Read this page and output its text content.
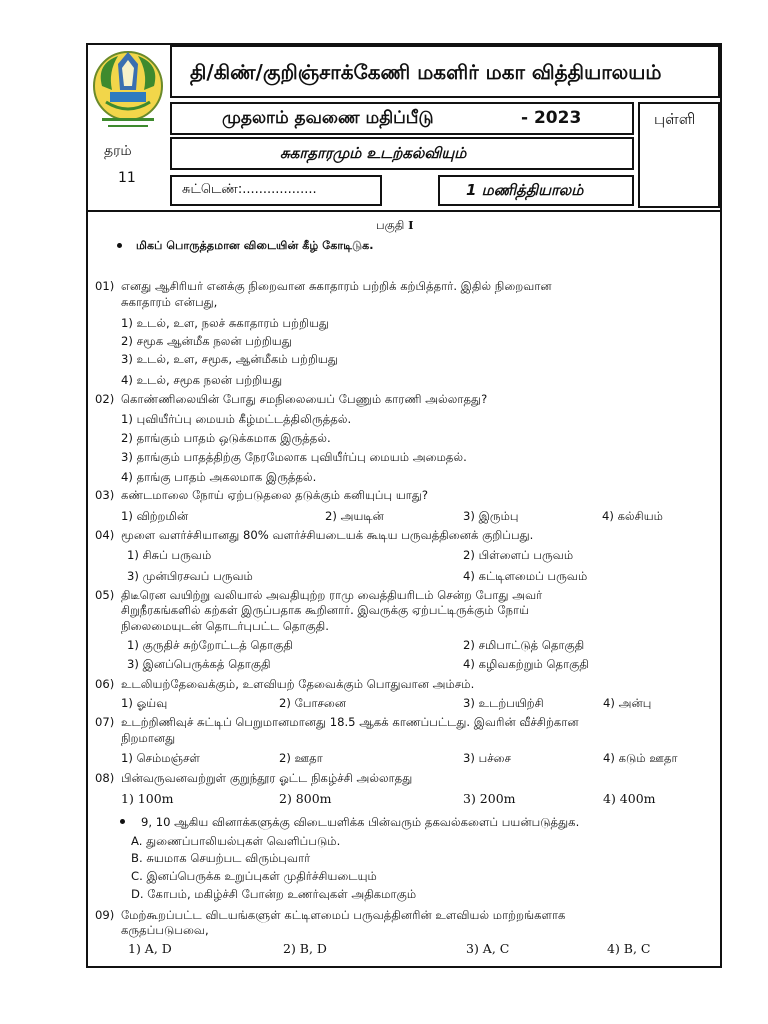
தி/கிண்/குறிஞ்சாக்கேணி மகளிர் மகா வித்தியாலயம்
முதலாம் தவணை மதிப்பீடு	- 2023	புள்ளி
தரம்
11
சுகாதாரமும் உடற்கல்வியும்
சுட்டெண்:..................	1 மணித்தியாலம்
பகுதி I
மிகப் பொருத்தமான விடையின் கீழ் கோடிடுக.
01) எனது ஆசிரியர் எனக்கு நிறைவான சுகாதாரம் பற்றிக் கற்பித்தார். இதில் நிறைவான
சுகாதாரம் என்பது,
1) உடல், உள, நலச் சுகாதாரம் பற்றியது
2) சமூக ஆன்மீக நலன் பற்றியது
3) உடல், உள, சமூக, ஆன்மீகம் பற்றியது
4) உடல், சமூக நலன் பற்றியது
02) கொண்ணிலையின் போது சமநிலையைப் பேணும் காரணி அல்லாதது?
1) புவியீர்ப்பு மையம் கீழ்மட்டத்திலிருத்தல்.
2) தாங்கும் பாதம் ஒடுக்கமாக இருத்தல்.
3) தாங்கும் பாதத்திற்கு நேரமேலாக புவியீர்ப்பு மையம் அமைதல்.
4) தாங்கு பாதம் அகலமாக இருத்தல்.
03) கண்டமாலை நோய் ஏற்படுதலை தடுக்கும் கனியுப்பு யாது?
1) விற்றமின்	2) அயடின்	3) இரும்பு	4) கல்சியம்
04) மூளை வளர்ச்சியானது 80% வளர்ச்சியடையக் கூடிய பருவத்தினைக் குறிப்பது.
1) சிசுப் பருவம்	2) பிள்ளைப் பருவம்
3) முன்பிரசவப் பருவம்	4) கட்டிளமைப் பருவம்
05) திடீரென வயிற்று வலியால் அவதியுற்ற ராமு வைத்தியரிடம் சென்ற போது அவர்
சிறுநீரகங்களில் கற்கள் இருப்பதாக கூறினார். இவருக்கு ஏற்பட்டிருக்கும் நோய்
நிலைமையுடன் தொடர்புபட்ட தொகுதி.
1) குருதிச் சுற்றோட்டத் தொகுதி	2) சமிபாட்டுத் தொகுதி
3) இனப்பெருக்கத் தொகுதி	4) கழிவகற்றும் தொகுதி
06) உடலியற்தேவைக்கும், உளவியற் தேவைக்கும் பொதுவான அம்சம்.
1) ஓய்வு	2) போசனை	3) உடற்பயிற்சி	4) அன்பு
07) உடற்றிணிவுச் சுட்டிப் பெறுமானமானது 18.5 ஆகக் காணப்பட்டது. இவரின் வீச்சிற்கான
நிறமானது
1) செம்மஞ்சள்	2) ஊதா	3) பச்சை	4) கடும் ஊதா
08) பின்வருவனவற்றுள் குறுந்தூர ஓட்ட நிகழ்ச்சி அல்லாதது
1) 100m	2) 800m	3) 200m	4) 400m
9, 10 ஆகிய வினாக்களுக்கு விடையளிக்க பின்வரும் தகவல்களைப் பயன்படுத்துக.
A. துணைப்பாலியல்புகள் வெளிப்படும்.
B. சுயமாக செயற்பட விரும்புவார்
C. இனப்பெருக்க உறுப்புகள் முதிர்ச்சியடையும்
D. கோபம், மகிழ்ச்சி போன்ற உணர்வுகள் அதிகமாகும்
09) மேற்கூறப்பட்ட விடயங்களுள் கட்டிளமைப் பருவத்தினரின் உளவியல் மாற்றங்களாக
கருதப்படுபவை,
1) A, D	2) B, D	3) A, C	4) B, C
